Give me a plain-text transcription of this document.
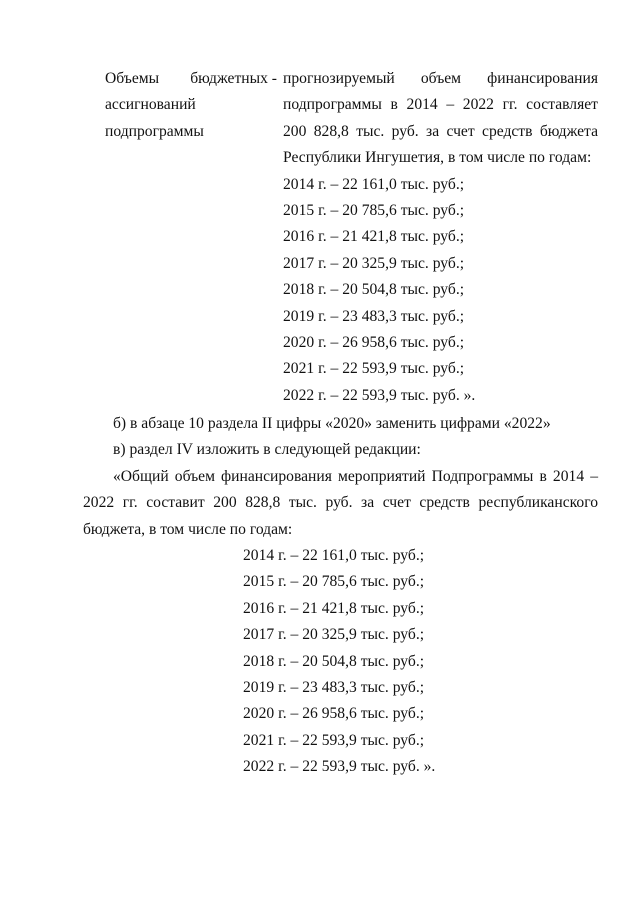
Объемы бюджетных -
ассигнований
подпрограммы
прогнозируемый объем финансирования
подпрограммы в 2014 – 2022 гг. составляет
200 828,8 тыс. руб. за счет средств бюджета
Республики Ингушетия, в том числе по годам:
2014 г. – 22 161,0 тыс. руб.;
2015 г. – 20 785,6 тыс. руб.;
2016 г. – 21 421,8 тыс. руб.;
2017 г. – 20 325,9 тыс. руб.;
2018 г. – 20 504,8 тыс. руб.;
2019 г. – 23 483,3 тыс. руб.;
2020 г. – 26 958,6 тыс. руб.;
2021 г. – 22 593,9 тыс. руб.;
2022 г. – 22 593,9 тыс. руб. ».
б) в абзаце 10 раздела II цифры «2020» заменить цифрами «2022»
в) раздел IV изложить в следующей редакции:
«Общий объем финансирования мероприятий Подпрограммы в 2014 –
2022 гг. составит 200 828,8 тыс. руб. за счет средств республиканского
бюджета, в том числе по годам:
2014 г. – 22 161,0 тыс. руб.;
2015 г. – 20 785,6 тыс. руб.;
2016 г. – 21 421,8 тыс. руб.;
2017 г. – 20 325,9 тыс. руб.;
2018 г. – 20 504,8 тыс. руб.;
2019 г. – 23 483,3 тыс. руб.;
2020 г. – 26 958,6 тыс. руб.;
2021 г. – 22 593,9 тыс. руб.;
2022 г. – 22 593,9 тыс. руб. ».
